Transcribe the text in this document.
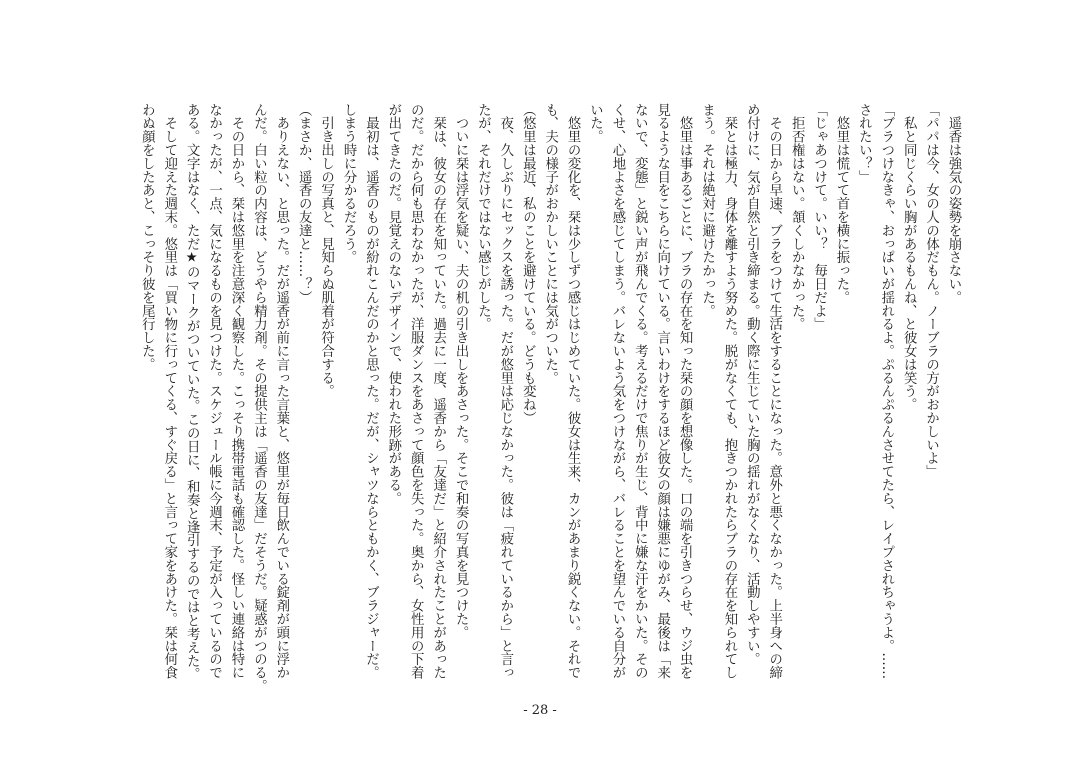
　遥香は強気の姿勢を崩さない。
「パパは今、女の人の体だもん。ノーブラの方がおかしいよ」
　私と同じくらい胸があるもんね、と彼女は笑う。
「ブラつけなきゃ、おっぱいが揺れるよ。ぷるんぷるんさせてたら、レイプされちゃうよ。……
されたい？」
　悠里は慌てて首を横に振った。
「じゃあつけて。いい？　毎日だよ」
　拒否権はない。頷くしかなかった。
　その日から早速、ブラをつけて生活をすることになった。意外と悪くなかった。上半身への締
め付けに、気が自然と引き締まる。動く際に生じていた胸の揺れがなくなり、活動しやすい。
　栞とは極力、身体を離すよう努めた。脱がなくても、抱きつかれたらブラの存在を知られてし
まう。それは絶対に避けたかった。
　悠里は事あるごとに、ブラの存在を知った栞の顔を想像した。口の端を引きつらせ、ウジ虫を
見るような目をこちらに向けている。言いわけをするほど彼女の顔は嫌悪にゆがみ、最後は「来
ないで、変態」と鋭い声が飛んでくる。考えるだけで焦りが生じ、背中に嫌な汗をかいた。その
くせ、心地よさを感じてしまう。バレないよう気をつけながら、バレることを望んでいる自分が
いた。
　悠里の変化を、栞は少しずつ感じはじめていた。彼女は生来、カンがあまり鋭くない。それで
も、夫の様子がおかしいことには気がついた。
（悠里は最近、私のことを避けている。どうも変ね）
　夜、久しぶりにセックスを誘った。だが悠里は応じなかった。彼は「疲れているから」と言っ
たが、それだけではない感じがした。
　ついに栞は浮気を疑い、夫の机の引き出しをあさった。そこで和奏の写真を見つけた。
　栞は、彼女の存在を知っていた。過去に一度、遥香から「友達だ」と紹介されたことがあった
のだ。だから何も思わなかったが、洋服ダンスをあさって顔色を失った。奥から、女性用の下着
が出てきたのだ。見覚えのないデザインで、使われた形跡がある。
　最初は、遥香のものが紛れこんだのかと思った。だが、シャツならともかく、ブラジャーだ。
しまう時に分かるだろう。
　引き出しの写真と、見知らぬ肌着が符合する。
（まさか、遥香の友達と……？）
　ありえない、と思った。だが遥香が前に言った言葉と、悠里が毎日飲んでいる錠剤が頭に浮か
んだ。白い粒の内容は、どうやら精力剤。その提供主は「遥香の友達」だそうだ。疑惑がつのる。
　その日から、栞は悠里を注意深く観察した。こっそり携帯電話も確認した。怪しい連絡は特に
なかったが、一点、気になるものを見つけた。スケジュール帳に今週末、予定が入っているので
ある。文字はなく、ただ★のマークがついていた。この日に、和奏と逢引するのではと考えた。
　そして迎えた週末。悠里は「買い物に行ってくる、すぐ戻る」と言って家をあけた。栞は何食
わぬ顔をしたあと、こっそり彼を尾行した。
- 28 -
